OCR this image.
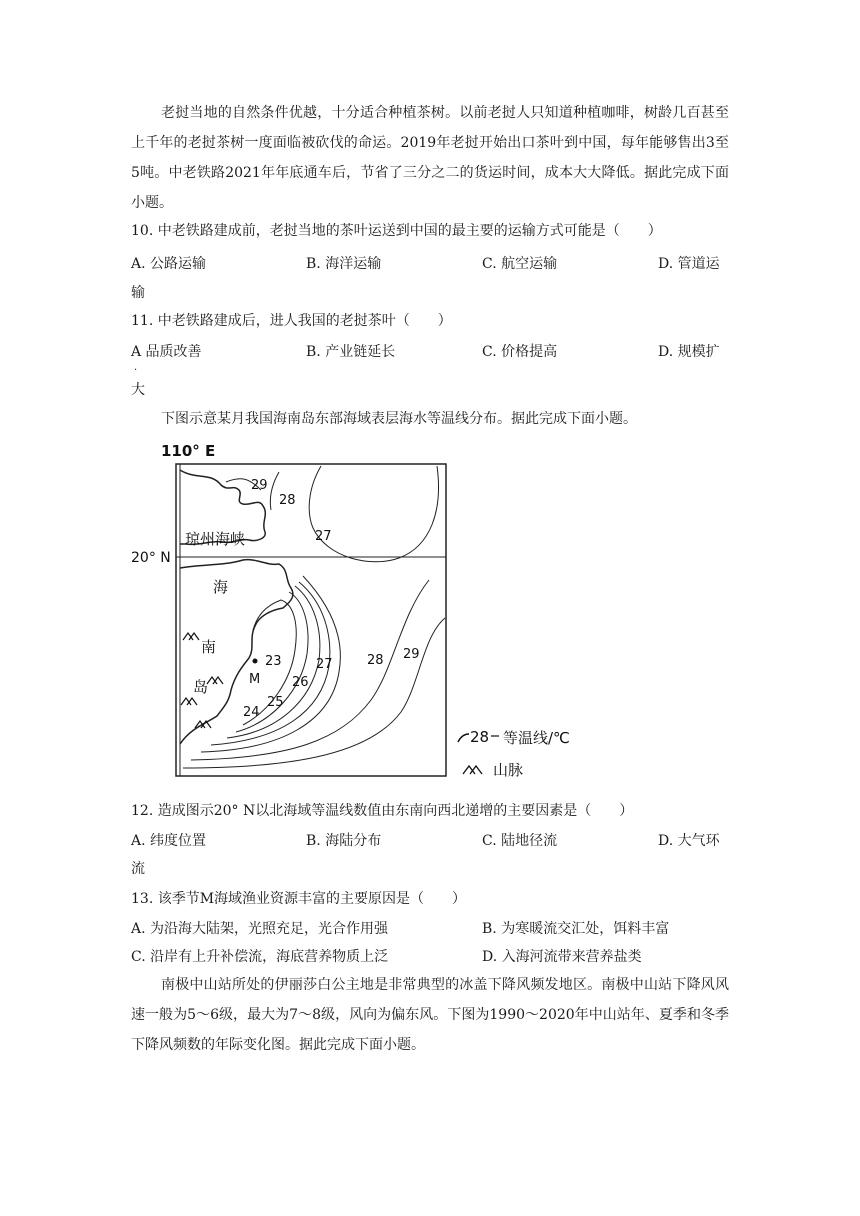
老挝当地的自然条件优越，十分适合种植茶树。以前老挝人只知道种植咖啡，树龄几百甚至上千年的老挝茶树一度面临被砍伐的命运。2019年老挝开始出口茶叶到中国，每年能够售出3至5吨。中老铁路2021年年底通车后，节省了三分之二的货运时间，成本大大降低。据此完成下面小题。
10. 中老铁路建成前，老挝当地的茶叶运送到中国的最主要的运输方式可能是（　　）
A. 公路运输	B. 海洋运输	C. 航空运输	D. 管道运
输
11. 中老铁路建成后，进人我国的老挝茶叶（　　）
A 品质改善
·
B. 产业链延长	C. 价格提高	D. 规模扩
大
下图示意某月我国海南岛东部海域表层海水等温线分布。据此完成下面小题。
110° E
20° N
琼州海峡
海
南
岛	M
29
28
27
23	27
26
25
24
28 29
28 等温线/℃
山脉
12. 造成图示20° N以北海域等温线数值由东南向西北递增的主要因素是（　　）
A. 纬度位置	B. 海陆分布	C. 陆地径流	D. 大气环
流
13. 该季节M海域渔业资源丰富的主要原因是（　　）
A. 为沿海大陆架，光照充足，光合作用强	B. 为寒暖流交汇处，饵料丰富
C. 沿岸有上升补偿流，海底营养物质上泛	D. 入海河流带来营养盐类
南极中山站所处的伊丽莎白公主地是非常典型的冰盖下降风频发地区。南极中山站下降风风速一般为5～6级，最大为7～8级，风向为偏东风。下图为1990～2020年中山站年、夏季和冬季下降风频数的年际变化图。据此完成下面小题。
